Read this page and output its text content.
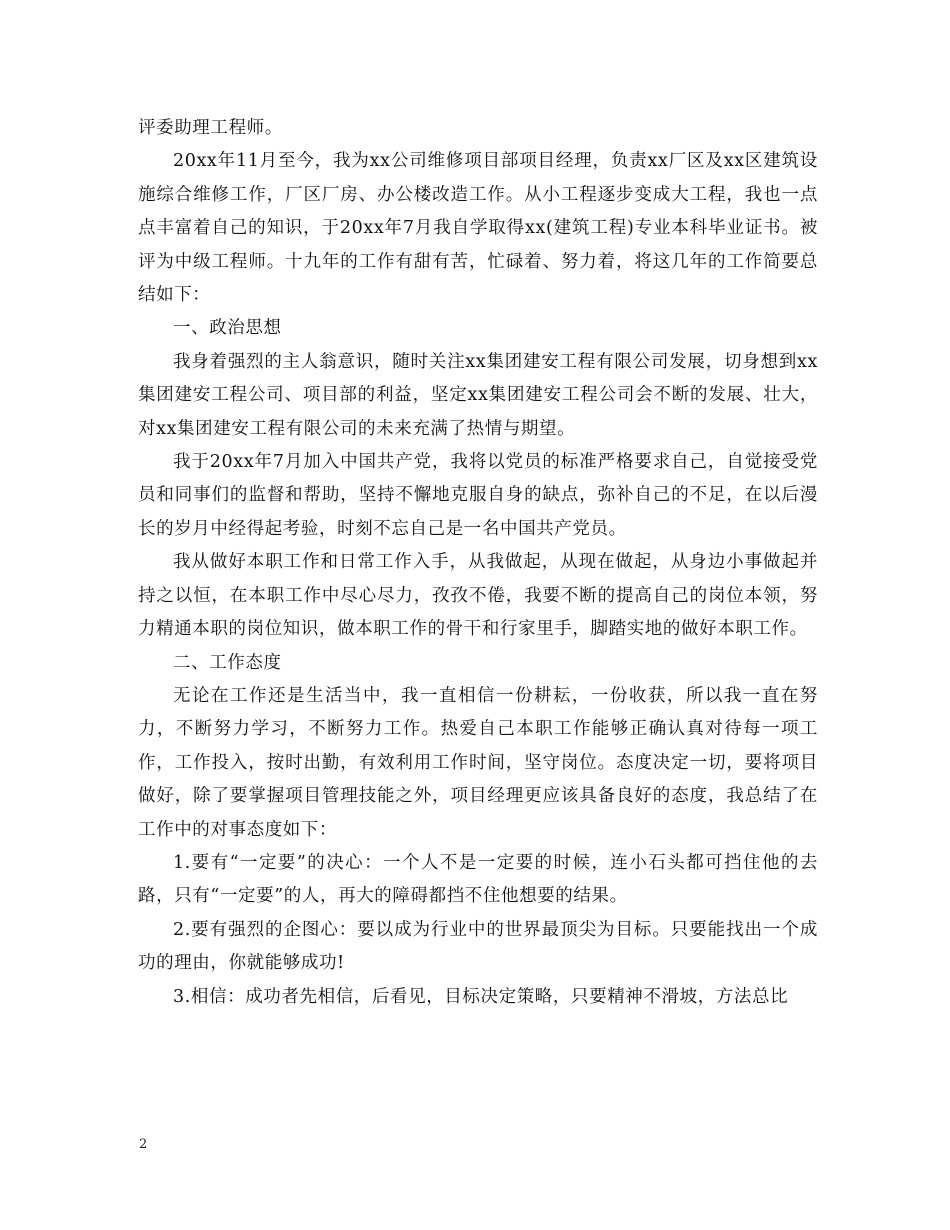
评委助理工程师。

20xx年11月至今，我为xx公司维修项目部项目经理，负责xx厂区及xx区建筑设施综合维修工作，厂区厂房、办公楼改造工作。从小工程逐步变成大工程，我也一点点丰富着自己的知识，于20xx年7月我自学取得xx(建筑工程)专业本科毕业证书。被评为中级工程师。十九年的工作有甜有苦，忙碌着、努力着，将这几年的工作简要总结如下：

一、政治思想

我身着强烈的主人翁意识，随时关注xx集团建安工程有限公司发展，切身想到xx集团建安工程公司、项目部的利益，坚定xx集团建安工程公司会不断的发展、壮大，对xx集团建安工程有限公司的未来充满了热情与期望。

我于20xx年7月加入中国共产党，我将以党员的标准严格要求自己，自觉接受党员和同事们的监督和帮助，坚持不懈地克服自身的缺点，弥补自己的不足，在以后漫长的岁月中经得起考验，时刻不忘自己是一名中国共产党员。

我从做好本职工作和日常工作入手，从我做起，从现在做起，从身边小事做起并持之以恒，在本职工作中尽心尽力，孜孜不倦，我要不断的提高自己的岗位本领，努力精通本职的岗位知识，做本职工作的骨干和行家里手，脚踏实地的做好本职工作。

二、工作态度

无论在工作还是生活当中，我一直相信一份耕耘，一份收获，所以我一直在努力，不断努力学习，不断努力工作。热爱自己本职工作能够正确认真对待每一项工作，工作投入，按时出勤，有效利用工作时间，坚守岗位。态度决定一切，要将项目做好，除了要掌握项目管理技能之外，项目经理更应该具备良好的态度，我总结了在工作中的对事态度如下：

1.要有“一定要”的决心：一个人不是一定要的时候，连小石头都可挡住他的去路，只有“一定要”的人，再大的障碍都挡不住他想要的结果。

2.要有强烈的企图心：要以成为行业中的世界最顶尖为目标。只要能找出一个成功的理由，你就能够成功!

3.相信：成功者先相信，后看见，目标决定策略，只要精神不滑坡，方法总比

2
